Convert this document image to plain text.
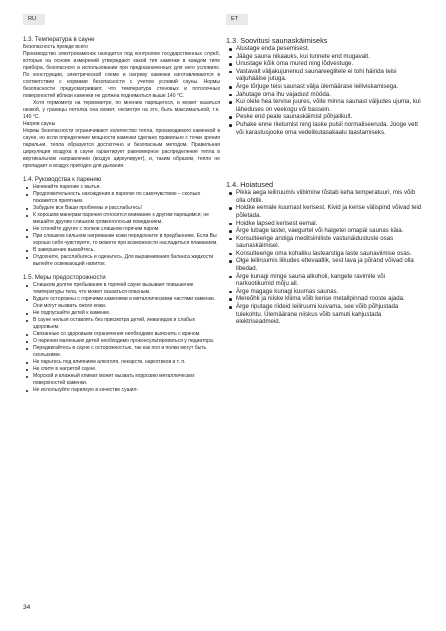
RU	ET
1.3. Температура в сауне

Безопасность прежде всего

Производство электрокаменок находится под контролем государственных служб, которые на основе измерений утверждают какой тип каменки в каждом типе прибора, безопасного в использовании при предназначенных для него условиях. По конструкции, электрической схеме и нагреву каменки изготавливаются в соответствии с нормами безопасности с учетом условий сауны. Нормы безопасности предусматривают, что температура стеновых и потолочных поверхностей вблизи каменки не должна подниматься выше 140 °C.

Хотя термометр на термометре, по мнению парящегося, и может казаться низкой, у границы потолка она может, несмотря на это, быть максимальной, т.е. 140 °C.

Нагрев сауны

Нормы безопасности ограничивают количество тепла, производимого каменкой в сауне, но если определение мощности каменки сделано правильно с точки зрения парильни, тепла образуется достаточно и безопасным методом. Правильная циркуляция воздуха в сауне гарантирует равномерное распределение тепла в вертикальном направлении (воздух циркулирует), и, таким образом, тепло не пропадает и воздух пригоден для дыхания.

1.4. Руководства к парению
Начинайте парение с мытья.
Продолжительность нахождения в парилке по самочувствию – сколько покажется приятным.
Забудьте все Ваши проблемы и расслабьтесь!
К хорошим манерам парения относится внимание к другим парящимся; не мешайте другим слишком громкоголосым поведением.
Не сгоняйте других с полков слишком горячим паром.
При слишком сильном нагревании кожи передохните в предбаннике. Если Вы хорошо себя чувствуете, то можете при возможности насладиться плаванием.
В завершение вымойтесь.
Отдохните, расслабьтесь и оденьтесь. Для выравнивания баланса жидкости выпейте освежающий напиток.
1.5. Меры предосторожности
Слишком долгое пребывание в горячей сауне вызывает повышение температуры тела, что может оказаться опасным.
Будьте осторожны с горячими каменями и металлическими частями каменки. Они могут вызвать ожоги кожи.
Не подпускайте детей к каменке.
В сауне нельзя оставлять без присмотра детей, инвалидов и слабых здоровьем.
Связанные со здоровьем ограничения необходимо выяснить с врачом.
О парении маленьких детей необходимо проконсультироваться у педиатора.
Передвигайтесь в сауне с осторожностью, так как пол и полки могут быть скользкими.
Не парьтесь под влиянием алкоголя, лекарств, наркотиков и т. п.
Не спите в нагретой сауне.
Морской и влажный климат может вызвать коррозию металлических поверхностей каменки.
Не используйте парилкую в качестве сушил-
1.3. Soovitusi saunaskäimiseks
Alustage enda pesemisest.
Jääge sauna nikaauks, kui tunnete end mugavalt.
Unustage kõik oma mured ning lõdvestuge.
Vastavalt väljakujunenud saunareeglitele ei tohi häirida teisi valjuhäälse jutuga.
Ärge tõrjuge teisi saunast välja ülemäärase leiliviskamisega.
Jahutage oma ihu vajadust mööda.
Kui olete hea tervise juures, võite minna saunast väljudes ujuma, kui läheduses on veekogu või bassein.
Peske end peale saunaskäimist põhjalikult.
Puhake enne riietumist ning laske pulsil normaliseeruda. Jooge vett või karastusjooke oma vedelikutasakaalu taastamiseks.
1.4. Hoiatused
Pikka aega leiliruumis viibimine tõstab keha temperatuuri, mis võib olla ohtlik.
Hoidke eemale kuumast kerisest. Kivid ja kerise välispind võivad teid põletada.
Hoidke lapsed kerisest eemal.
Ärge lubage lastel, vaegurtel või haigetel omapäi saunas käia.
Konsulteerige arstiga meditsiiniliste vastunäidustuste osas saunaskäimisel.
Konsulteerige oma kohaliku lastearstiga laste saunaviimise osas.
Olge leiliruumis liikudes ettevaatlik, sest lava ja põrand võivad olla libedad.
Ärge kunagi minge sauna alkoholi, kangete ravimite või narkootikumid mõju all.
Ärge magage kunagi kuumas saunas.
Mereõhk ja niiske kliima võib kerise metallpinnad rooste ajada.
Ärge riputage riideid leiliruumi kuivama, see võib põhjustada tulekohtu. Ülemäärane niiskus võib samuti kahjustada elektriseadmeid.
34
